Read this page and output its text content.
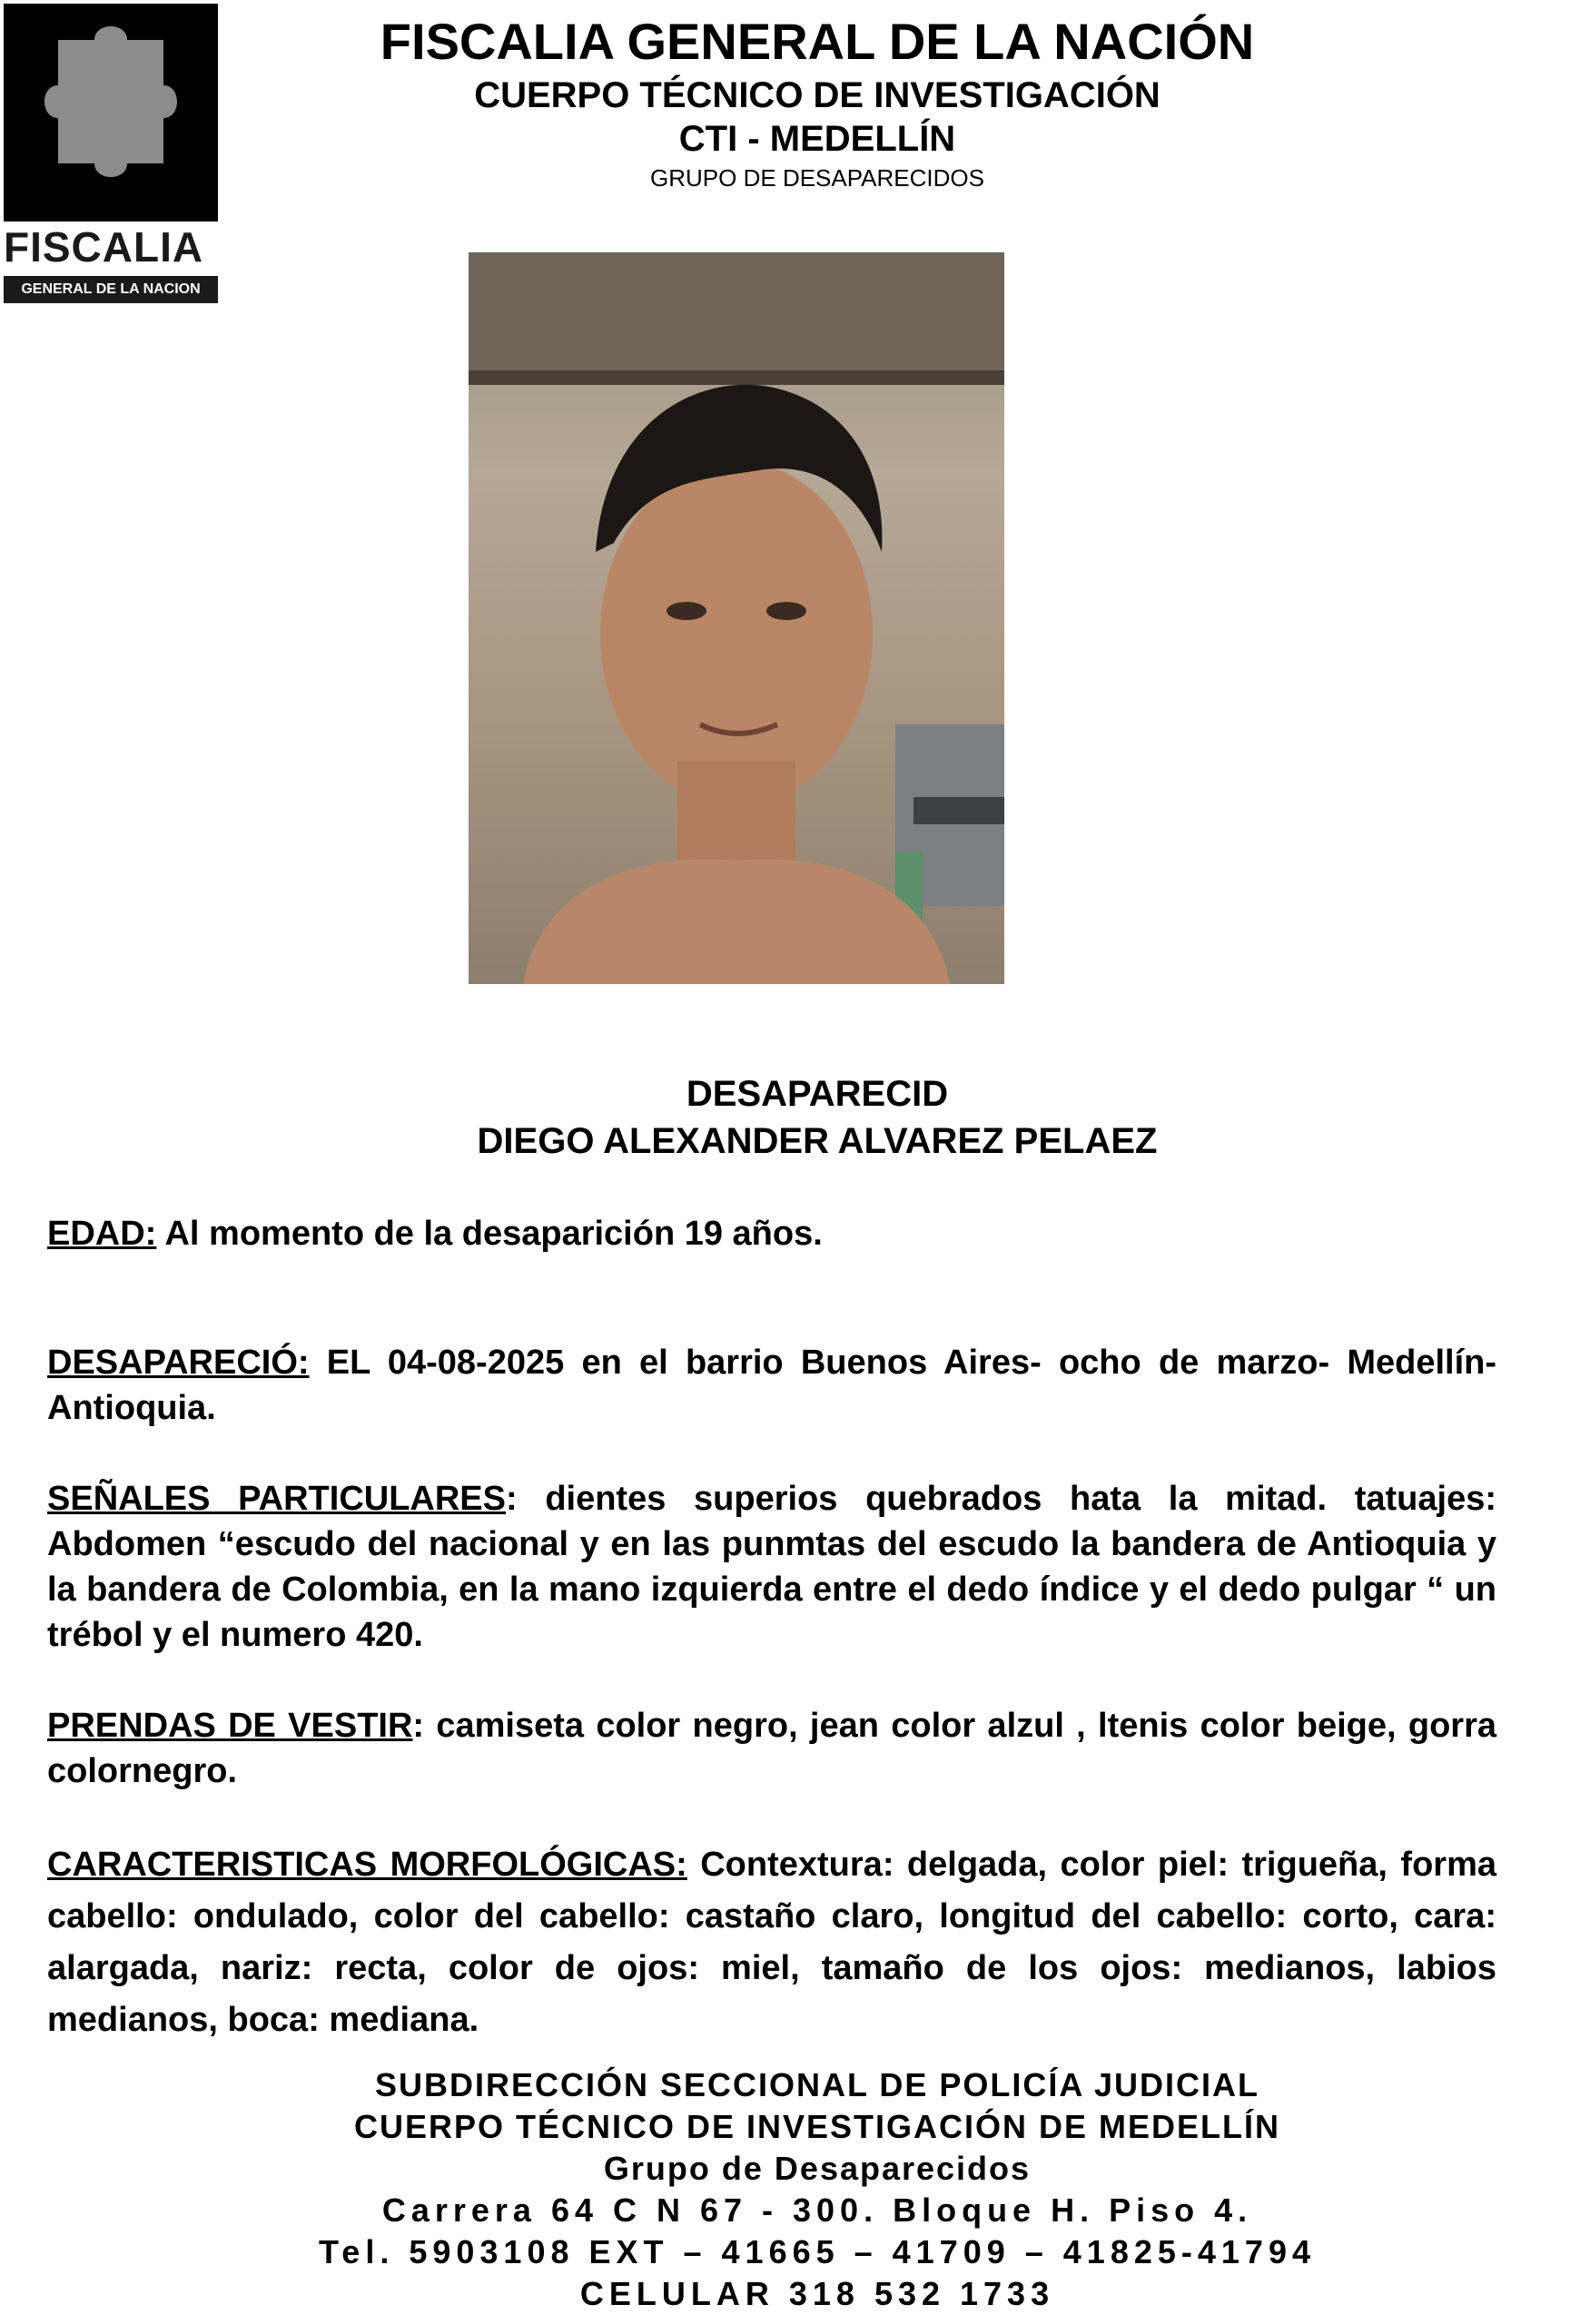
FISCALIA
GENERAL DE LA NACION
FISCALIA GENERAL DE LA NACIÓN
CUERPO TÉCNICO DE INVESTIGACIÓN
CTI - MEDELLÍN
GRUPO DE DESAPARECIDOS
DESAPARECID
DIEGO ALEXANDER ALVAREZ PELAEZ
EDAD: Al momento de la desaparición 19 años.
DESAPARECIÓ: EL 04-08-2025 en el barrio Buenos Aires- ocho de marzo- Medellín- Antioquia.
SEÑALES PARTICULARES: dientes superios quebrados hata la mitad. tatuajes: Abdomen “escudo del nacional y en las punmtas del escudo la bandera de Antioquia y la bandera de Colombia, en la mano izquierda entre el dedo índice y el dedo pulgar “ un trébol y el numero 420.
PRENDAS DE VESTIR: camiseta color negro, jean color alzul , ltenis color beige, gorra colornegro.
CARACTERISTICAS MORFOLÓGICAS: Contextura: delgada, color piel: trigueña, forma cabello: ondulado, color del cabello: castaño claro, longitud del cabello: corto, cara: alargada, nariz: recta, color de ojos: miel, tamaño de los ojos: medianos, labios medianos, boca: mediana.
SUBDIRECCIÓN SECCIONAL DE POLICÍA JUDICIAL
CUERPO TÉCNICO DE INVESTIGACIÓN DE MEDELLÍN
Grupo de Desaparecidos
Carrera 64 C N 67 - 300. Bloque H. Piso 4.
Tel. 5903108 EXT – 41665 – 41709 – 41825-41794
CELULAR 318 532 1733
